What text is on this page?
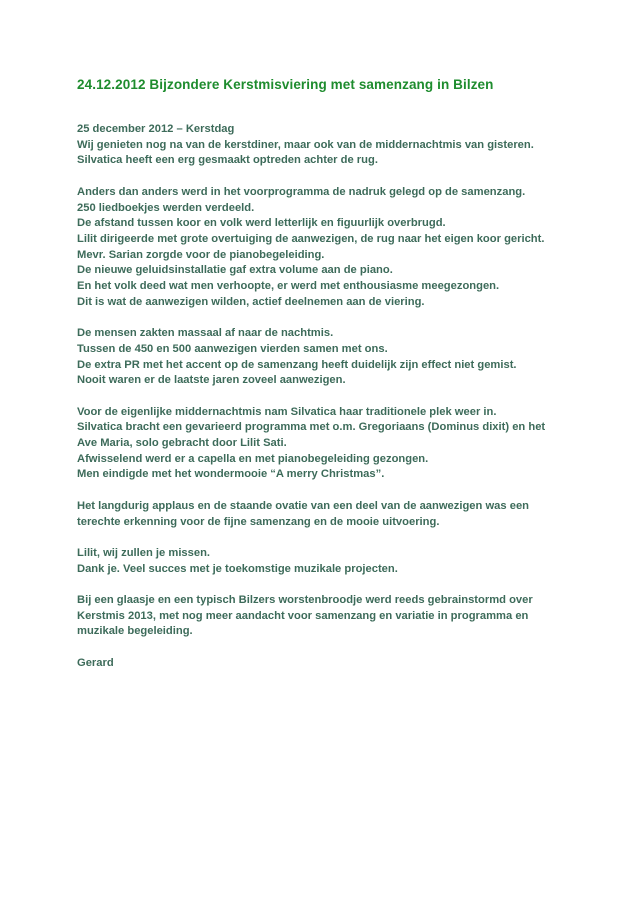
24.12.2012 Bijzondere Kerstmisviering met samenzang in Bilzen

25 december 2012 – Kerstdag
Wij genieten nog na van de kerstdiner, maar ook van de middernachtmis van gisteren.
Silvatica heeft een erg gesmaakt optreden achter de rug.

Anders dan anders werd in het voorprogramma de nadruk gelegd op de samenzang.
250 liedboekjes werden verdeeld.
De afstand tussen koor en volk werd letterlijk en figuurlijk overbrugd.
Lilit dirigeerde met grote overtuiging de aanwezigen, de rug naar het eigen koor gericht.
Mevr. Sarian zorgde voor de pianobegeleiding.
De nieuwe geluidsinstallatie gaf extra volume aan de piano.
En het volk deed wat men verhoopte, er werd met enthousiasme meegezongen.
Dit is wat de aanwezigen wilden, actief deelnemen aan de viering.

De mensen zakten massaal af naar de nachtmis.
Tussen de 450 en 500 aanwezigen vierden samen met ons.
De extra PR met het accent op de samenzang heeft duidelijk zijn effect niet gemist.
Nooit waren er de laatste jaren zoveel aanwezigen.

Voor de eigenlijke middernachtmis nam Silvatica haar traditionele plek weer in.
Silvatica bracht een gevarieerd programma met o.m. Gregoriaans (Dominus dixit) en het
Ave Maria, solo gebracht door Lilit Sati.
Afwisselend werd er a capella en met pianobegeleiding gezongen.
Men eindigde met het wondermooie “A merry Christmas”.

Het langdurig applaus en de staande ovatie van een deel van de aanwezigen was een
terechte erkenning voor de fijne samenzang en de mooie uitvoering.

Lilit, wij zullen je missen.
Dank je. Veel succes met je toekomstige muzikale projecten.

Bij een glaasje en een typisch Bilzers worstenbroodje werd reeds gebrainstormd over
Kerstmis 2013, met nog meer aandacht voor samenzang en variatie in programma en
muzikale begeleiding.

Gerard
